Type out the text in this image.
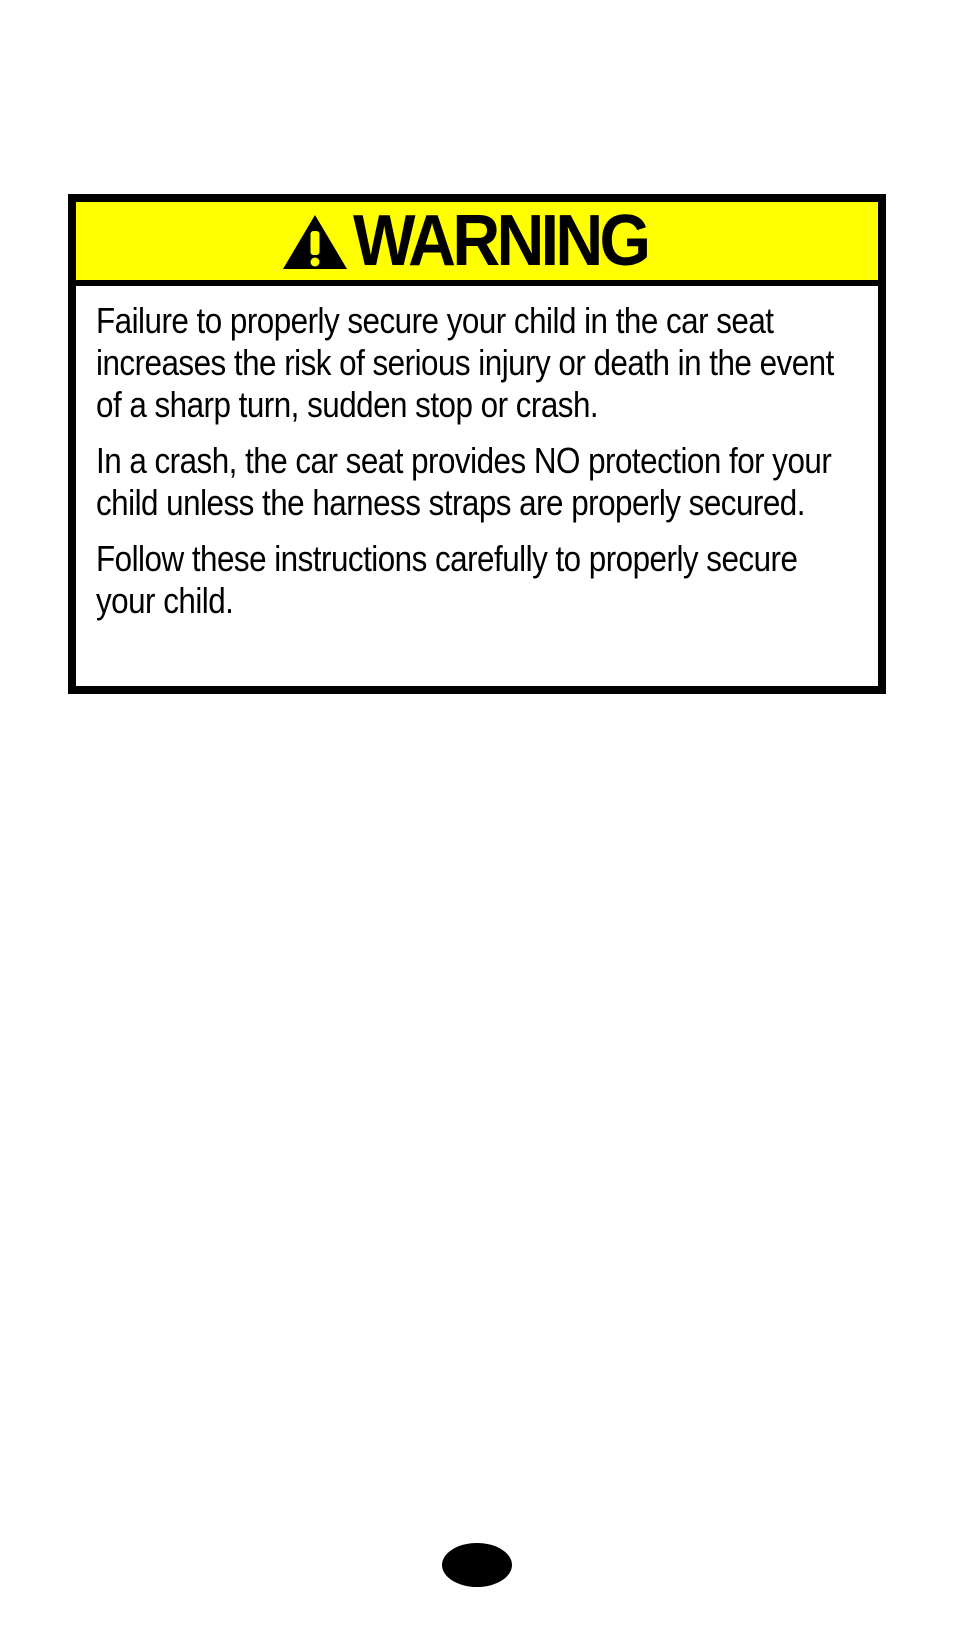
WARNING

Failure to properly secure your child in the car seat increases the risk of serious injury or death in the event of a sharp turn, sudden stop or crash.

In a crash, the car seat provides NO protection for your child unless the harness straps are properly secured.

Follow these instructions carefully to properly secure your child.
